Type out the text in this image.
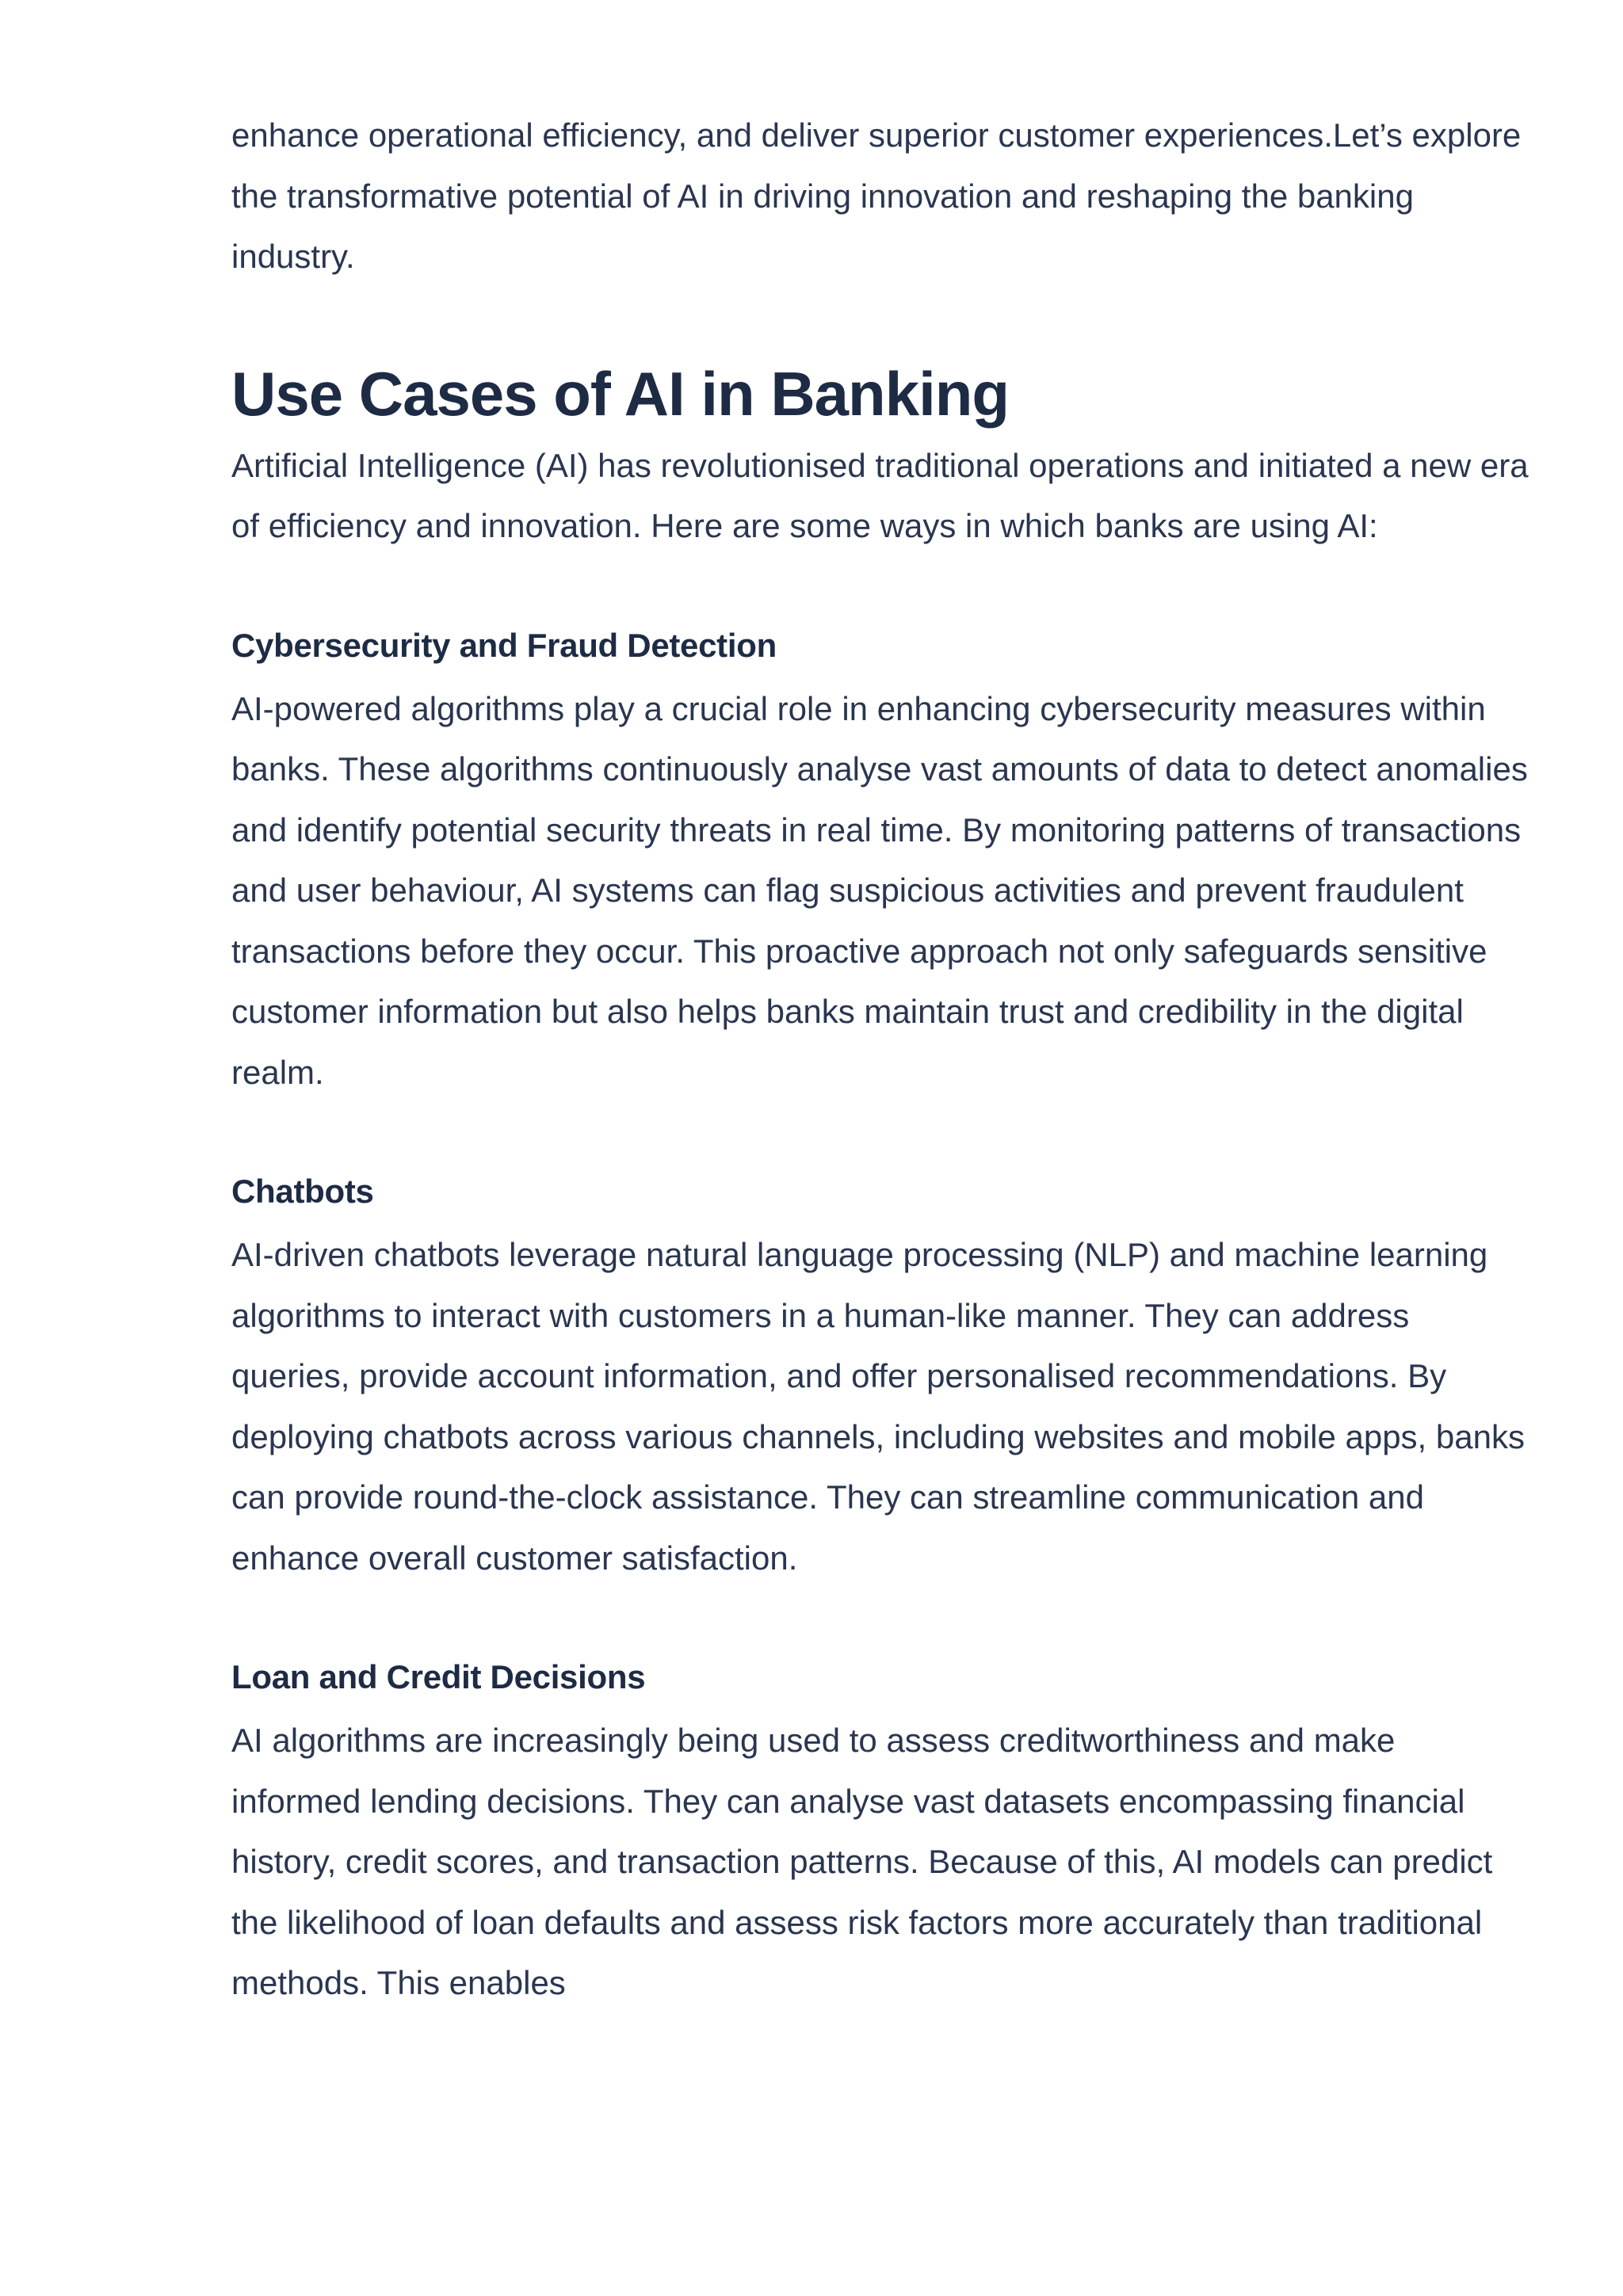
enhance operational efficiency, and deliver superior customer experiences.Let’s explore the transformative potential of AI in driving innovation and reshaping the banking industry.

Use Cases of AI in Banking

Artificial Intelligence (AI) has revolutionised traditional operations and initiated a new era of efficiency and innovation. Here are some ways in which banks are using AI:

Cybersecurity and Fraud Detection

AI-powered algorithms play a crucial role in enhancing cybersecurity measures within banks. These algorithms continuously analyse vast amounts of data to detect anomalies and identify potential security threats in real time. By monitoring patterns of transactions and user behaviour, AI systems can flag suspicious activities and prevent fraudulent transactions before they occur. This proactive approach not only safeguards sensitive customer information but also helps banks maintain trust and credibility in the digital realm.

Chatbots

AI-driven chatbots leverage natural language processing (NLP) and machine learning algorithms to interact with customers in a human-like manner. They can address queries, provide account information, and offer personalised recommendations. By deploying chatbots across various channels, including websites and mobile apps, banks can provide round-the-clock assistance. They can streamline communication and enhance overall customer satisfaction.

Loan and Credit Decisions

AI algorithms are increasingly being used to assess creditworthiness and make informed lending decisions. They can analyse vast datasets encompassing financial history, credit scores, and transaction patterns. Because of this, AI models can predict the likelihood of loan defaults and assess risk factors more accurately than traditional methods. This enables
